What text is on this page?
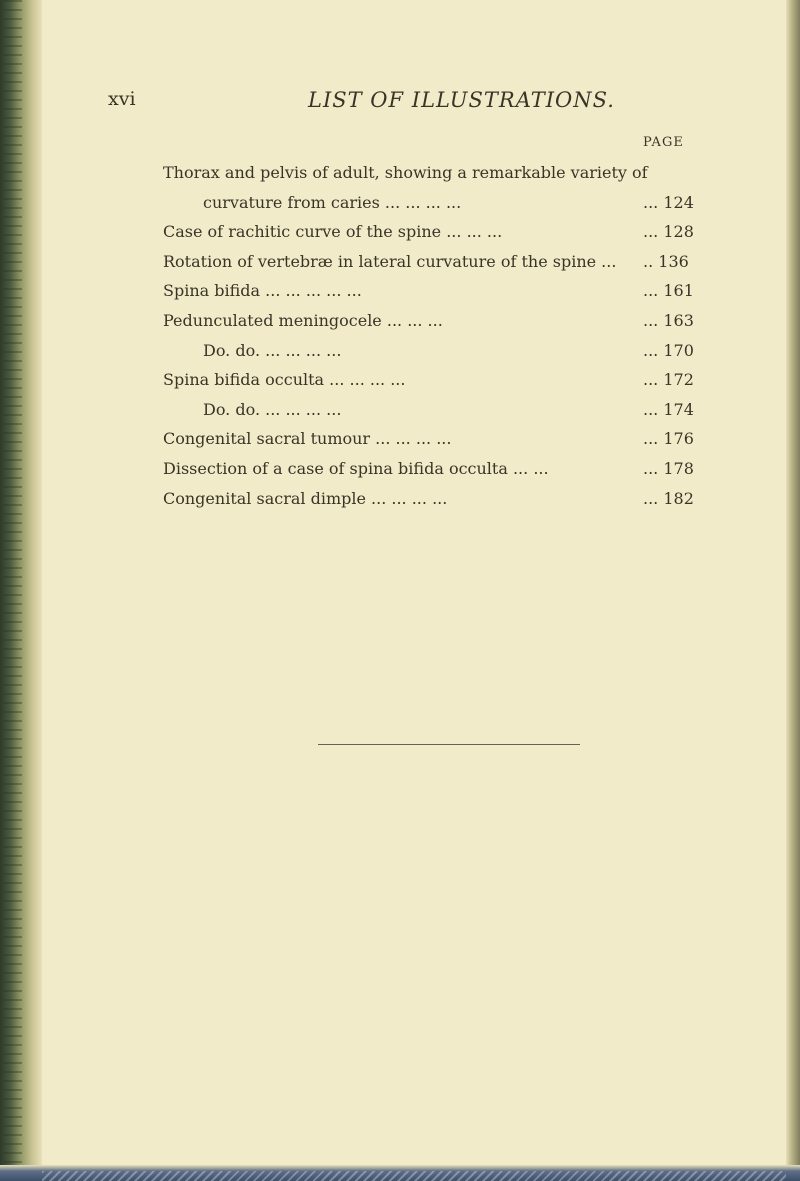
xvi	LIST OF ILLUSTRATIONS.
PAGE
Thorax and pelvis of adult, showing a remarkable variety of
curvature from caries ... ... ... ...	... 124
Case of rachitic curve of the spine ... ... ...	... 128
Rotation of vertebræ in lateral curvature of the spine ... .. 136
Spina bifida ... ... ... ... ...	... 161
Pedunculated meningocele ... ... ...	... 163
Do. do. ... ... ... ...	... 170
Spina bifida occulta ... ... ... ...	... 172
Do. do. ... ... ... ...	... 174
Congenital sacral tumour ... ... ... ...	... 176
Dissection of a case of spina bifida occulta ... ...	... 178
Congenital sacral dimple ... ... ... ...	... 182
